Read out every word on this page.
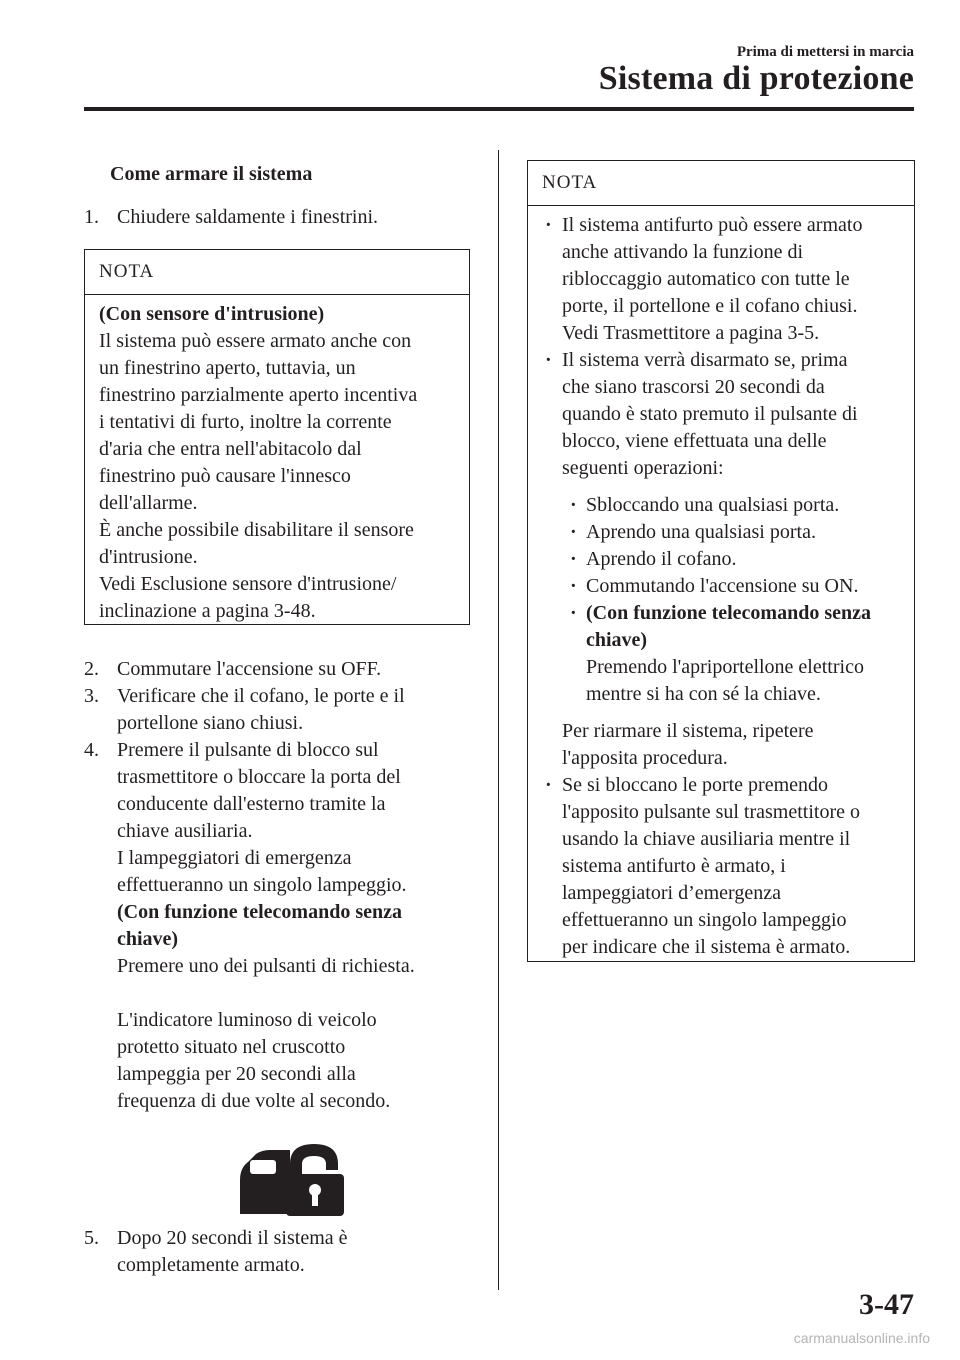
Prima di mettersi in marcia
Sistema di protezione
Come armare il sistema
1. Chiudere saldamente i finestrini.
NOTA
(Con sensore d'intrusione)
Il sistema può essere armato anche con
un finestrino aperto, tuttavia, un
finestrino parzialmente aperto incentiva
i tentativi di furto, inoltre la corrente
d'aria che entra nell'abitacolo dal
finestrino può causare l'innesco
dell'allarme.
È anche possibile disabilitare il sensore
d'intrusione.
Vedi Esclusione sensore d'intrusione/
inclinazione a pagina 3-48.
2. Commutare l'accensione su OFF.
3. Verificare che il cofano, le porte e il
portellone siano chiusi.
4. Premere il pulsante di blocco sul
trasmettitore o bloccare la porta del
conducente dall'esterno tramite la
chiave ausiliaria.
I lampeggiatori di emergenza
effettueranno un singolo lampeggio.
(Con funzione telecomando senza
chiave)
Premere uno dei pulsanti di richiesta.
L'indicatore luminoso di veicolo
protetto situato nel cruscotto
lampeggia per 20 secondi alla
frequenza di due volte al secondo.
5. Dopo 20 secondi il sistema è
completamente armato.
NOTA
· Il sistema antifurto può essere armato
anche attivando la funzione di
ribloccaggio automatico con tutte le
porte, il portellone e il cofano chiusi.
Vedi Trasmettitore a pagina 3-5.
· Il sistema verrà disarmato se, prima
che siano trascorsi 20 secondi da
quando è stato premuto il pulsante di
blocco, viene effettuata una delle
seguenti operazioni:
· Sbloccando una qualsiasi porta.
· Aprendo una qualsiasi porta.
· Aprendo il cofano.
· Commutando l'accensione su ON.
· (Con funzione telecomando senza
chiave)
Premendo l'apriportellone elettrico
mentre si ha con sé la chiave.
Per riarmare il sistema, ripetere
l'apposita procedura.
· Se si bloccano le porte premendo
l'apposito pulsante sul trasmettitore o
usando la chiave ausiliaria mentre il
sistema antifurto è armato, i
lampeggiatori d’emergenza
effettueranno un singolo lampeggio
per indicare che il sistema è armato.
3-47
carmanualsonline.info
